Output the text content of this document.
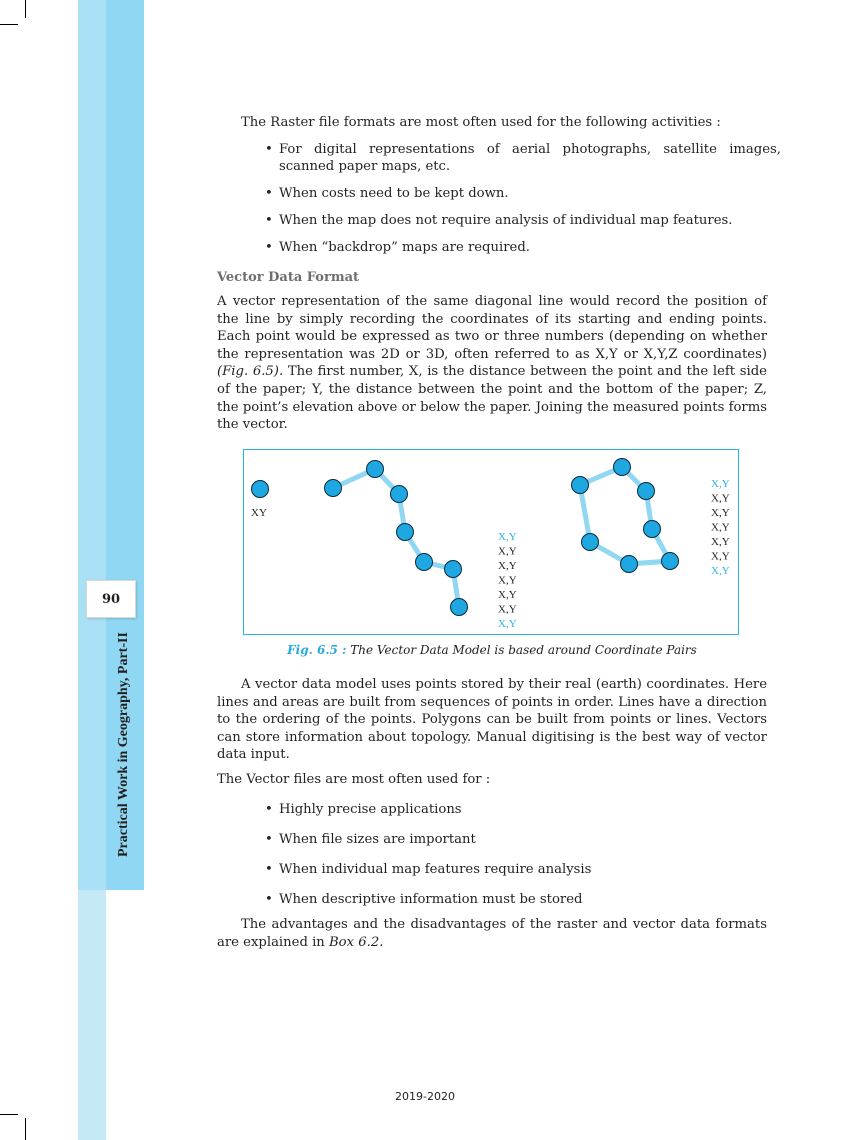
90
Practical Work in Geography, Part-II

The Raster file formats are most often used for the following activities :

• For digital representations of aerial photographs, satellite images, scanned paper maps, etc.

• When costs need to be kept down.

• When the map does not require analysis of individual map features.

• When “backdrop” maps are required.

Vector Data Format

A vector representation of the same diagonal line would record the position of the line by simply recording the coordinates of its starting and ending points. Each point would be expressed as two or three numbers (depending on whether the representation was 2D or 3D, often referred to as X,Y or X,Y,Z coordinates) (Fig. 6.5). The first number, X, is the distance between the point and the left side of the paper; Y, the distance between the point and the bottom of the paper; Z, the point’s elevation above or below the paper. Joining the measured points forms the vector.

XY
X,Y
X,Y
X,Y
X,Y
X,Y
X,Y
X,Y
X,Y
X,Y
X,Y
X,Y
X,Y
X,Y
X,Y
Fig. 6.5 : The Vector Data Model is based around Coordinate Pairs

A vector data model uses points stored by their real (earth) coordinates. Here lines and areas are built from sequences of points in order. Lines have a direction to the ordering of the points. Polygons can be built from points or lines. Vectors can store information about topology. Manual digitising is the best way of vector data input.

The Vector files are most often used for :

• Highly precise applications

• When file sizes are important

• When individual map features require analysis

• When descriptive information must be stored

The advantages and the disadvantages of the raster and vector data formats are explained in Box 6.2.

2019-2020
